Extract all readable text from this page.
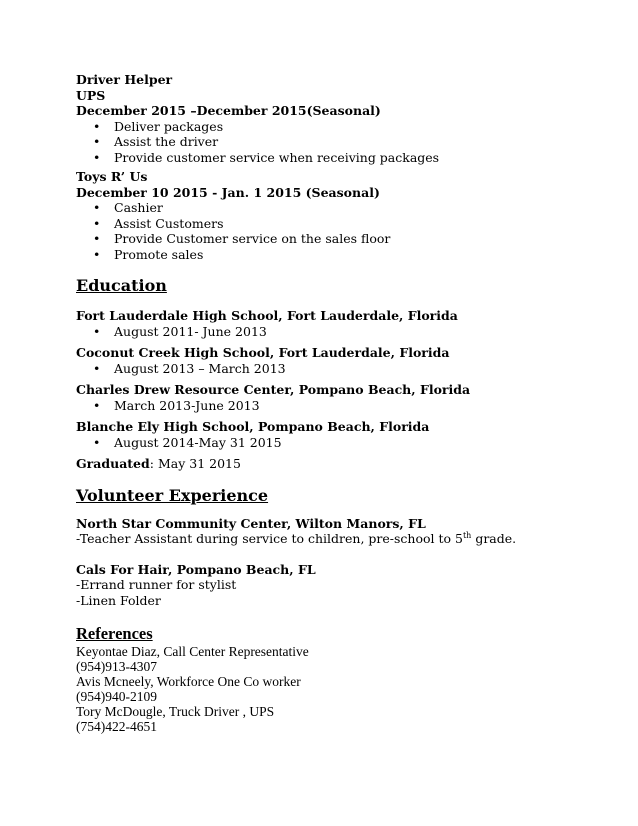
Driver Helper
UPS
December 2015 –December 2015(Seasonal)
• Deliver packages
• Assist the driver
• Provide customer service when receiving packages
Toys R’ Us
December 10 2015 - Jan. 1 2015 (Seasonal)
• Cashier
• Assist Customers
• Provide Customer service on the sales floor
• Promote sales
Education
Fort Lauderdale High School, Fort Lauderdale, Florida
• August 2011- June 2013
Coconut Creek High School, Fort Lauderdale, Florida
• August 2013 – March 2013
Charles Drew Resource Center, Pompano Beach, Florida
• March 2013-June 2013
Blanche Ely High School, Pompano Beach, Florida
• August 2014-May 31 2015
Graduated: May 31 2015
Volunteer Experience
North Star Community Center, Wilton Manors, FL
-Teacher Assistant during service to children, pre-school to 5th grade.
Cals For Hair, Pompano Beach, FL
-Errand runner for stylist
-Linen Folder
References
Keyontae Diaz, Call Center Representative
(954)913-4307
Avis Mcneely, Workforce One Co worker
(954)940-2109
Tory McDougle, Truck Driver , UPS
(754)422-4651
